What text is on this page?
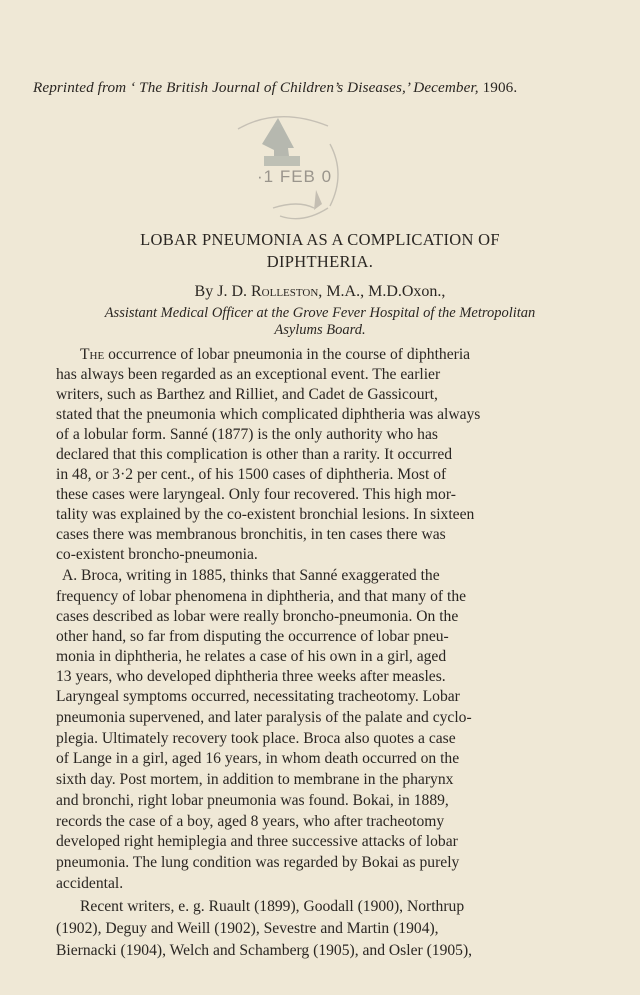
Reprinted from ‘ The British Journal of Children’s Diseases,’ December, 1906.
·1 FEB 0
LOBAR PNEUMONIA AS A COMPLICATION OF
DIPHTHERIA.
By J. D. Rolleston, M.A., M.D.Oxon.,
Assistant Medical Officer at the Grove Fever Hospital of the Metropolitan
Asylums Board.
The occurrence of lobar pneumonia in the course of diphtheria
has always been regarded as an exceptional event. The earlier
writers, such as Barthez and Rilliet, and Cadet de Gassicourt,
stated that the pneumonia which complicated diphtheria was always
of a lobular form. Sanné (1877) is the only authority who has
declared that this complication is other than a rarity. It occurred
in 48, or 3·2 per cent., of his 1500 cases of diphtheria. Most of
these cases were laryngeal. Only four recovered. This high mor-
tality was explained by the co-existent bronchial lesions. In sixteen
cases there was membranous bronchitis, in ten cases there was
co-existent broncho-pneumonia.
A. Broca, writing in 1885, thinks that Sanné exaggerated the
frequency of lobar phenomena in diphtheria, and that many of the
cases described as lobar were really broncho-pneumonia. On the
other hand, so far from disputing the occurrence of lobar pneu-
monia in diphtheria, he relates a case of his own in a girl, aged
13 years, who developed diphtheria three weeks after measles.
Laryngeal symptoms occurred, necessitating tracheotomy. Lobar
pneumonia supervened, and later paralysis of the palate and cyclo-
plegia. Ultimately recovery took place. Broca also quotes a case
of Lange in a girl, aged 16 years, in whom death occurred on the
sixth day. Post mortem, in addition to membrane in the pharynx
and bronchi, right lobar pneumonia was found. Bokai, in 1889,
records the case of a boy, aged 8 years, who after tracheotomy
developed right hemiplegia and three successive attacks of lobar
pneumonia. The lung condition was regarded by Bokai as purely
accidental.
Recent writers, e. g. Ruault (1899), Goodall (1900), Northrup
(1902), Deguy and Weill (1902), Sevestre and Martin (1904),
Biernacki (1904), Welch and Schamberg (1905), and Osler (1905),
